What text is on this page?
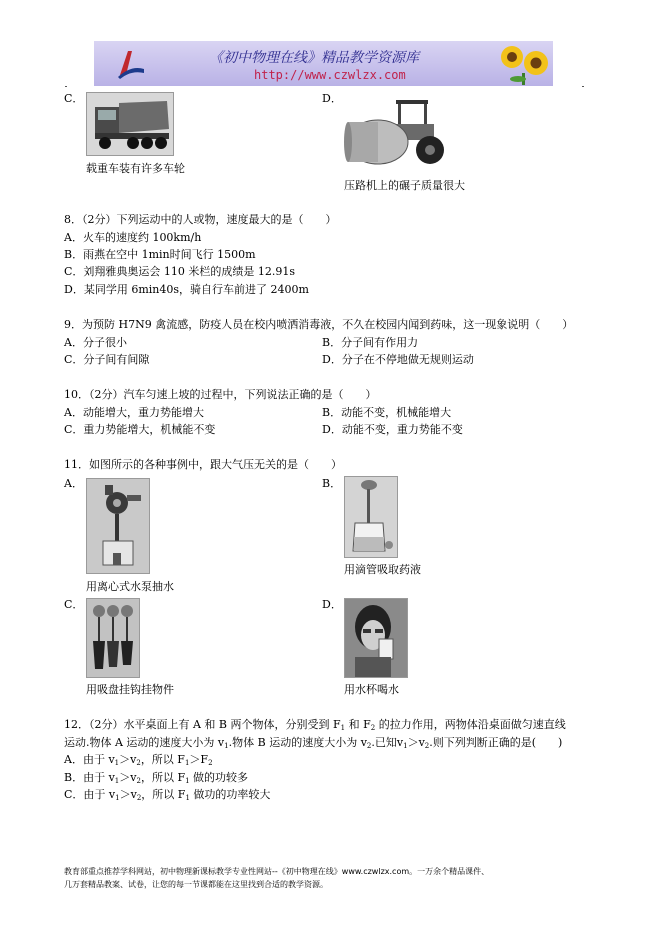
《初中物理在线》精品教学资源库
http://www.czwlzx.com
C．
载重车装有许多车轮
D．
压路机上的碾子质量很大
8．（2分）下列运动中的人或物，速度最大的是（　　）
A．火车的速度约 100km/h
B．雨燕在空中 1min时间飞行 1500m
C．刘翔雅典奥运会 110 米栏的成绩是 12.91s
D．某同学用 6min40s，骑自行车前进了 2400m
9．为预防 H7N9 禽流感，防疫人员在校内喷洒消毒液，不久在校园内闻到药味，这一现象说明（　　）
A．分子很小	B．分子间有作用力
C．分子间有间隙	D．分子在不停地做无规则运动
10．（2分）汽车匀速上坡的过程中，下列说法正确的是（　　）
A．动能增大，重力势能增大	B．动能不变，机械能增大
C．重力势能增大，机械能不变	D．动能不变，重力势能不变
11．如图所示的各种事例中，跟大气压无关的是（　　）
A．
用离心式水泵抽水
B．
用滴管吸取药液
C．
用吸盘挂钩挂物件
D．
用水杯喝水
12．（2分）水平桌面上有 A 和 B 两个物体，分别受到 $F_1$ 和 $F_2$ 的拉力作用，两物体沿桌面做匀速直线
运动.物体 A 运动的速度大小为 $v_1$.物体 B 运动的速度大小为 $v_2$.已知$v_1>v_2$.则下列判断正确的是(　　)
A．由于 $v_1>v_2$，所以 $F_1>F_2$
B．由于 $v_1>v_2$，所以 $F_1$ 做的功较多
C．由于 $v_1>v_2$，所以 $F_1$ 做功的功率较大
教育部重点推荐学科网站，初中物理新课标教学专业性网站--《初中物理在线》www.czwlzx.com。一万余个精品课件、
几万套精品教案、试卷，让您的每一节课都能在这里找到合适的教学资源。
